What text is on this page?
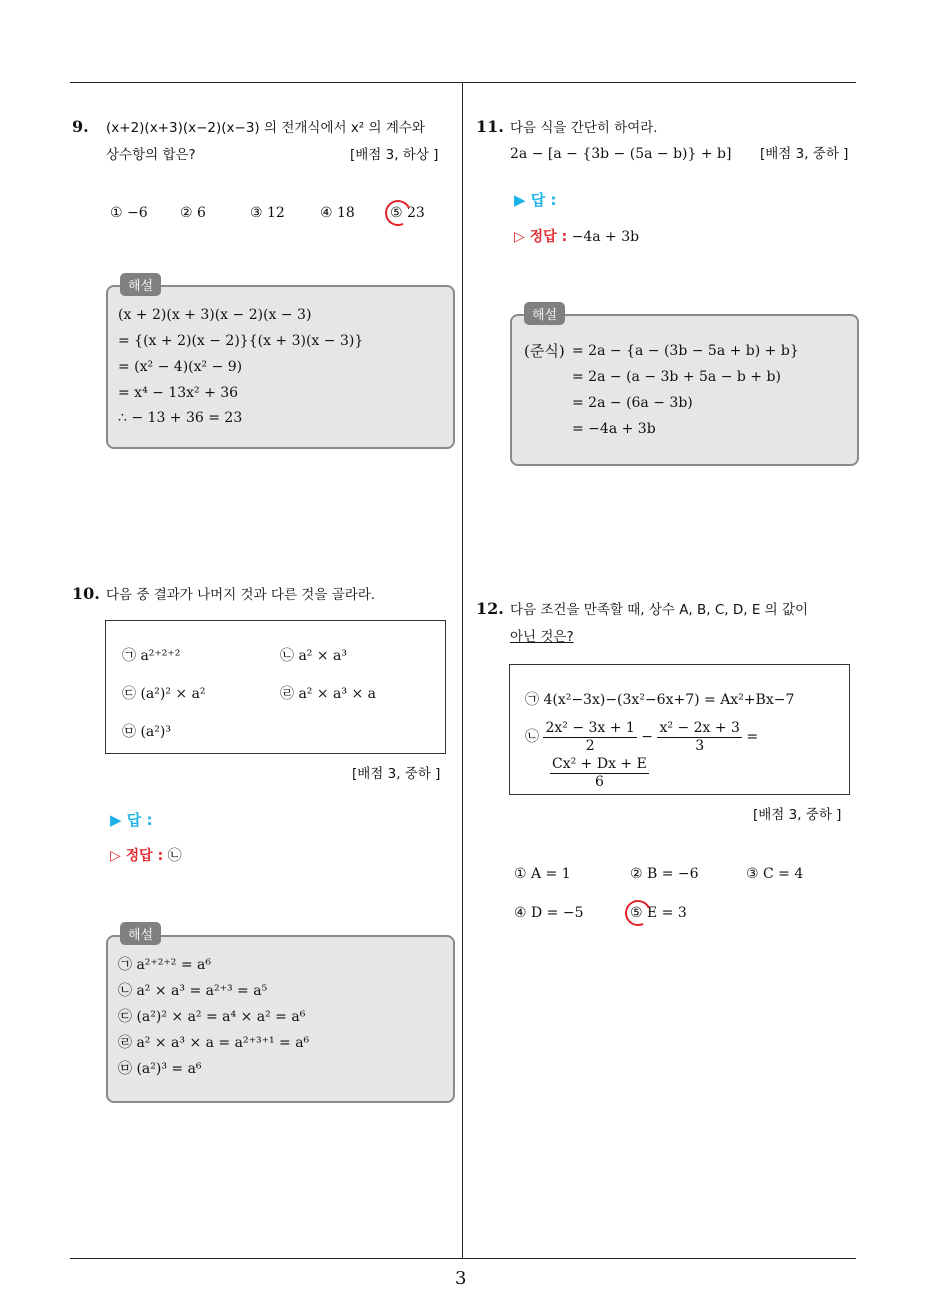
3
9. (x+2)(x+3)(x−2)(x−3) 의 전개식에서 x² 의 계수와
상수항의 합은?	[배점 3, 하상 ]
① −6 ② 6	③ 12	④ 18	⑤ 23
해설
(x + 2)(x + 3)(x − 2)(x − 3)
= {(x + 2)(x − 2)}{(x + 3)(x − 3)}
= (x² − 4)(x² − 9)
= x⁴ − 13x² + 36
∴ − 13 + 36 = 23
10. 다음 중 결과가 나머지 것과 다른 것을 골라라.
㉠ a²⁺²⁺²	㉡ a² × a³
㉢ (a²)² × a²	㉣ a² × a³ × a
㉤ (a²)³
[배점 3, 중하 ]
▶ 답 :
▷ 정답 : ㉡
해설
㉠ a²⁺²⁺² = a⁶
㉡ a² × a³ = a²⁺³ = a⁵
㉢ (a²)² × a² = a⁴ × a² = a⁶
㉣ a² × a³ × a = a²⁺³⁺¹ = a⁶
㉤ (a²)³ = a⁶
11. 다음 식을 간단히 하여라.
2a − [a − {3b − (5a − b)} + b] [배점 3, 중하 ]
▶ 답 :
▷ 정답 : −4a + 3b
해설
(준식) = 2a − {a − (3b − 5a + b) + b}
= 2a − (a − 3b + 5a − b + b)
= 2a − (6a − 3b)
= −4a + 3b
12. 다음 조건을 만족할 때, 상수 A, B, C, D, E 의 값이
아닌 것은?
㉠ 4(x²−3x)−(3x²−6x+7) = Ax²+Bx−7
㉡ $\frac{\text{2x² − 3x + 1}}{2} - \frac{\text{x² − 2x + 3}}{3}$ =
$\frac{\text{Cx² + Dx + E}}{6}$
[배점 3, 중하 ]
① A = 1	② B = −6	③ C = 4
④ D = −5	⑤ E = 3
